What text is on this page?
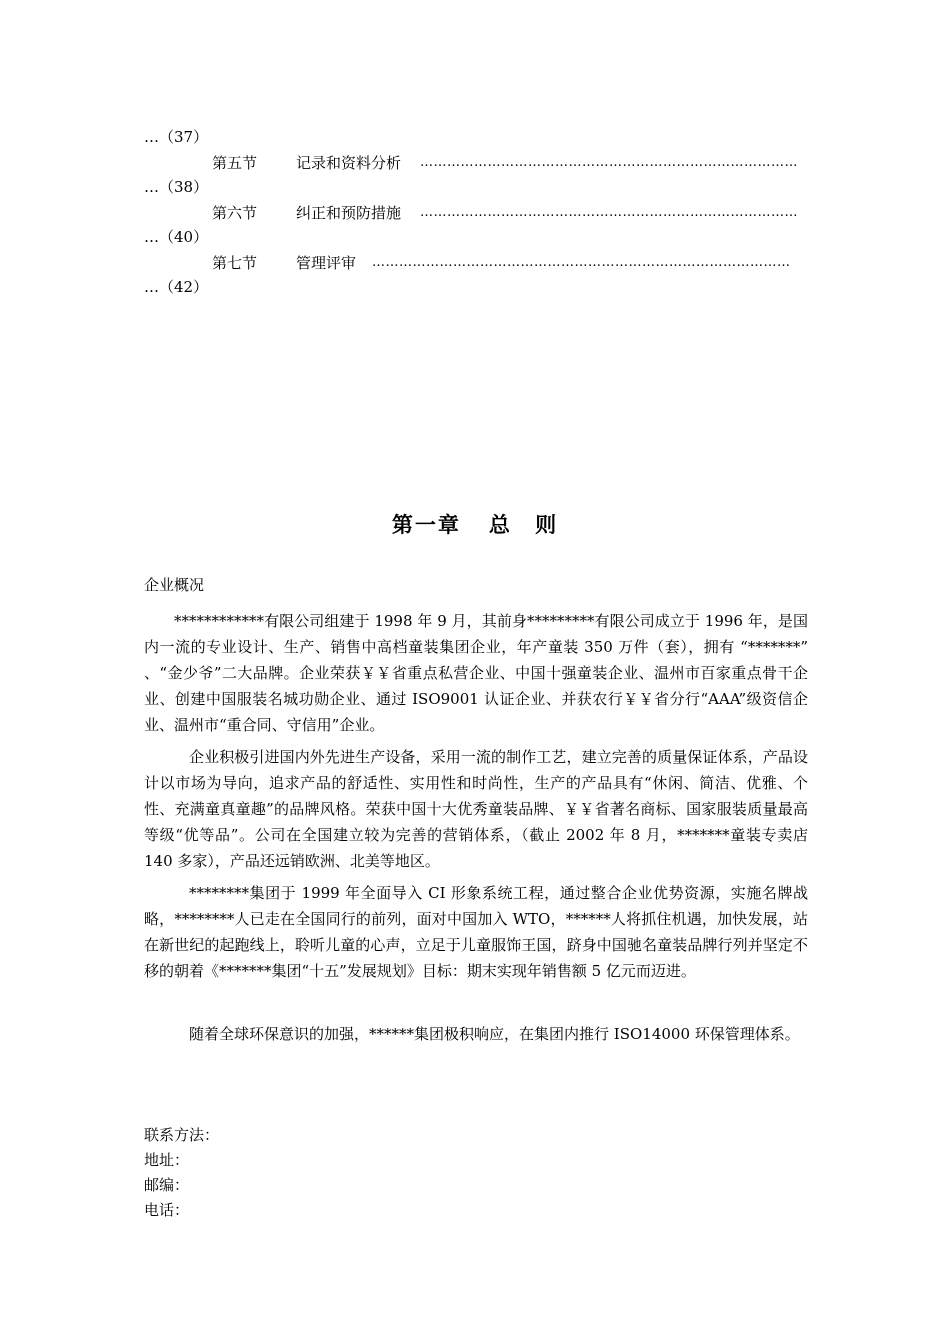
…（37）
第五节	记录和资料分析 …………………………………………………………………………
…（38）
第六节	纠正和预防措施 …………………………………………………………………………
…（40）
第七节	管理评审 …………………………………………………………………………………
…（42）
第一章 总 则
企业概况
************有限公司组建于 1998 年 9 月，其前身*********有限公司成立于 1996 年，是国内一流的专业设计、生产、销售中高档童装集团企业，年产童装 350 万件（套），拥有 “*******” 、“金少爷”二大品牌。企业荣获￥￥省重点私营企业、中国十强童装企业、温州市百家重点骨干企业、创建中国服装名城功勋企业、通过 ISO9001 认证企业、并获农行￥￥省分行“AAA”级资信企业、温州市“重合同、守信用”企业。
企业积极引进国内外先进生产设备，采用一流的制作工艺，建立完善的质量保证体系，产品设计以市场为导向，追求产品的舒适性、实用性和时尚性，生产的产品具有“休闲、简洁、优雅、个性、充满童真童趣”的品牌风格。荣获中国十大优秀童装品牌、￥￥省著名商标、国家服装质量最高等级“优等品”。公司在全国建立较为完善的营销体系，（截止 2002 年 8 月，*******童装专卖店 140 多家），产品还远销欧洲、北美等地区。
********集团于 1999 年全面导入 CI 形象系统工程，通过整合企业优势资源，实施名牌战略，********人已走在全国同行的前列，面对中国加入 WTO，******人将抓住机遇，加快发展，站在新世纪的起跑线上，聆听儿童的心声，立足于儿童服饰王国，跻身中国驰名童装品牌行列并坚定不移的朝着《*******集团“十五”发展规划》目标：期末实现年销售额 5 亿元而迈进。
随着全球环保意识的加强，******集团极积响应，在集团内推行 ISO14000 环保管理体系。
联系方法：
地址：
邮编：
电话：
